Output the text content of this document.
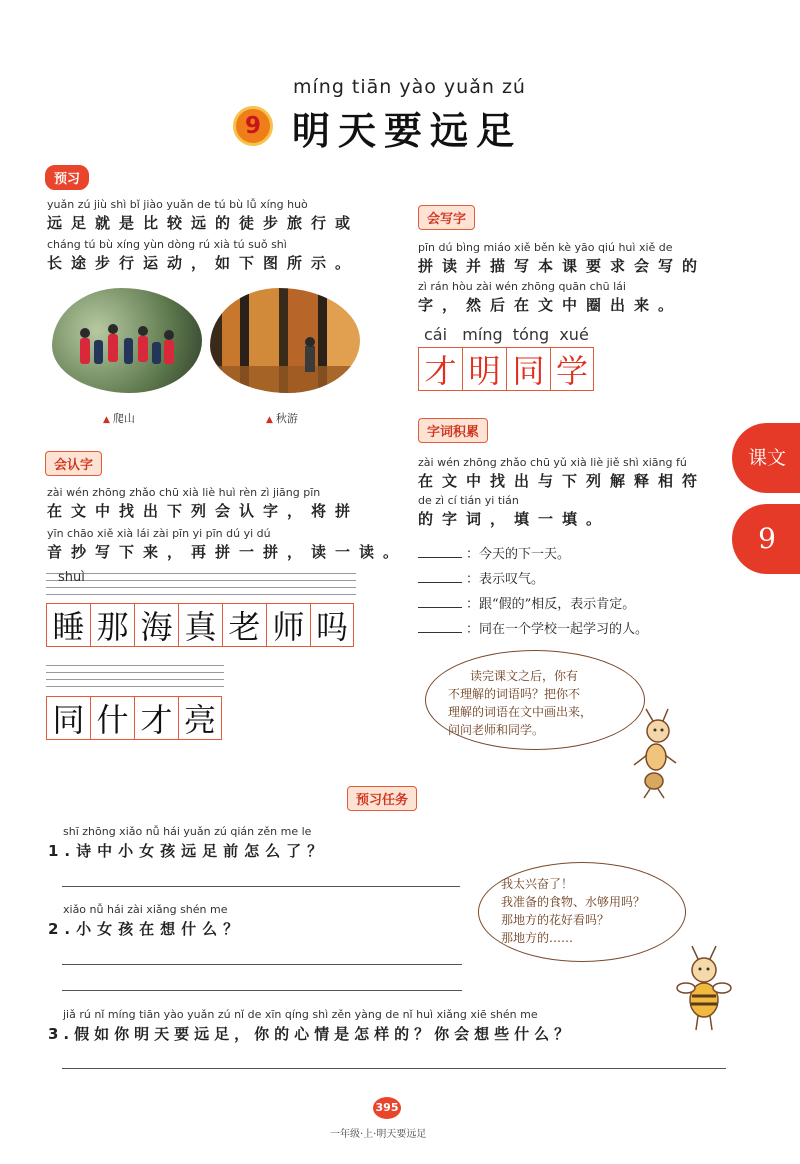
míng tiān yào yuǎn zú
9 明天要远足
预习
yuǎn zú jiù shì bǐ jiào yuǎn de tú bù lǚ xíng huò
远足就是比较远的徒步旅行或
cháng tú bù xíng yùn dòng rú xià tú suǒ shì
长途步行运动，如下图所示。
▲ 爬山	▲ 秋游
会认字
zài wén zhōng zhǎo chū xià liè huì rèn zì jiāng pīn
在文中找出下列会认字，将拼
yīn chāo xiě xià lái zài pīn yi pīn dú yi dú
音抄写下来，再拼一拼，读一读。
shuì
睡 那 海 真 老 师 吗
同 什 才 亮
会写字
pīn dú bìng miáo xiě běn kè yāo qiú huì xiě de
拼读并描写本课要求会写的
zì rán hòu zài wén zhōng quān chū lái
字，然后在文中圈出来。
cái   míng  tóng  xué
才 明 同 学
字词积累
zài wén zhōng zhǎo chū yǔ xià liè jiě shì xiāng fú
在文中找出与下列解释相符
de zì cí tián yi tián
的字词，填一填。
：今天的下一天。
：表示叹气。
：跟“假的”相反，表示肯定。
：同在一个学校一起学习的人。
课文
9
读完课文之后，你有
不理解的词语吗？把你不
理解的词语在文中画出来，
问问老师和同学。
预习任务
shī zhōng xiǎo nǚ hái yuǎn zú qián zěn me le
1.诗中小女孩远足前怎么了？
xiǎo nǚ hái zài xiǎng shén me
2.小女孩在想什么？
jiǎ rú nǐ míng tiān yào yuǎn zú nǐ de xīn qíng shì zěn yàng de nǐ huì xiǎng xiē shén me
3.假如你明天要远足，你的心情是怎样的？你会想些什么？
我太兴奋了！
我准备的食物、水够用吗？
那地方的花好看吗？
那地方的……
395
一年级·上·明天要远足
